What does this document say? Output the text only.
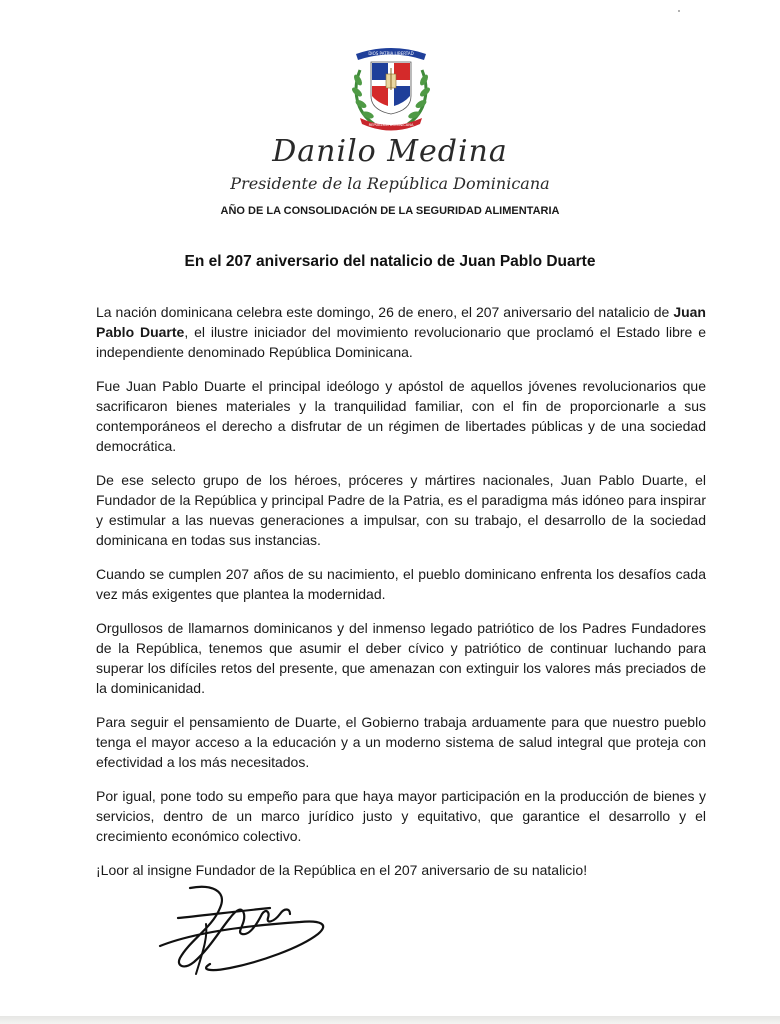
DIOS PATRIA LIBERTAD
REPUBLICA DOMINICANA
Danilo Medina
Presidente de la República Dominicana
AÑO DE LA CONSOLIDACIÓN DE LA SEGURIDAD ALIMENTARIA
En el 207 aniversario del natalicio de Juan Pablo Duarte

La nación dominicana celebra este domingo, 26 de enero, el 207 aniversario del natalicio de Juan Pablo Duarte, el ilustre iniciador del movimiento revolucionario que proclamó el Estado libre e independiente denominado República Dominicana.

Fue Juan Pablo Duarte el principal ideólogo y apóstol de aquellos jóvenes revolucionarios que sacrificaron bienes materiales y la tranquilidad familiar, con el fin de proporcionarle a sus contemporáneos el derecho a disfrutar de un régimen de libertades públicas y de una sociedad democrática.

De ese selecto grupo de los héroes, próceres y mártires nacionales, Juan Pablo Duarte, el Fundador de la República y principal Padre de la Patria, es el paradigma más idóneo para inspirar y estimular a las nuevas generaciones a impulsar, con su trabajo, el desarrollo de la sociedad dominicana en todas sus instancias.

Cuando se cumplen 207 años de su nacimiento, el pueblo dominicano enfrenta los desafíos cada vez más exigentes que plantea la modernidad.

Orgullosos de llamarnos dominicanos y del inmenso legado patriótico de los Padres Fundadores de la República, tenemos que asumir el deber cívico y patriótico de continuar luchando para superar los difíciles retos del presente, que amenazan con extinguir los valores más preciados de la dominicanidad.

Para seguir el pensamiento de Duarte, el Gobierno trabaja arduamente para que nuestro pueblo tenga el mayor acceso a la educación y a un moderno sistema de salud integral que proteja con efectividad a los más necesitados.

Por igual, pone todo su empeño para que haya mayor participación en la producción de bienes y servicios, dentro de un marco jurídico justo y equitativo, que garantice el desarrollo y el crecimiento económico colectivo.

¡Loor al insigne Fundador de la República en el 207 aniversario de su natalicio!
